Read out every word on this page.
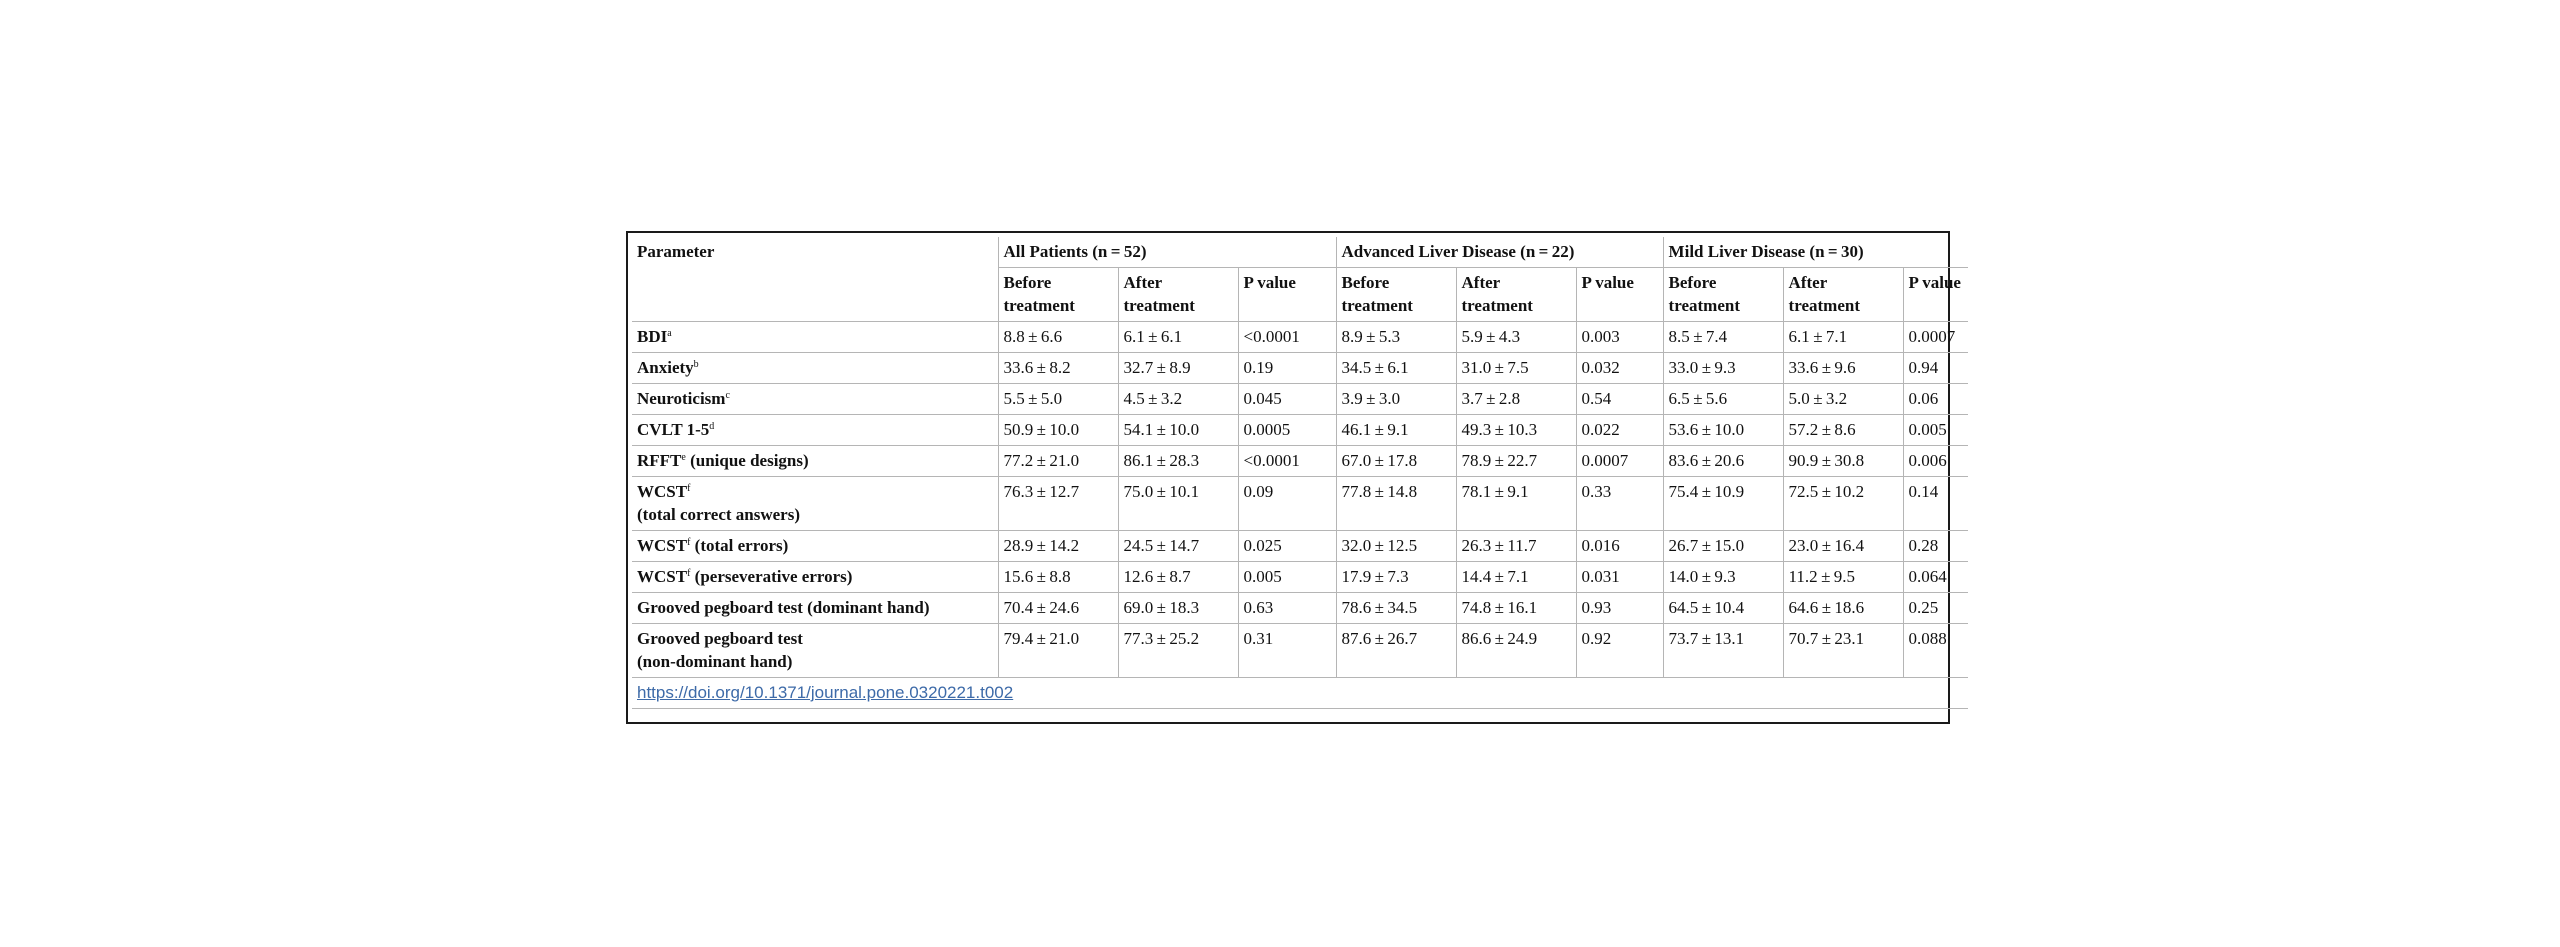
Parameter	All Patients (n = 52)			Advanced Liver Disease (n = 22)			Mild Liver Disease (n = 30)		
	Before treatment	After treatment	P value	Before treatment	After treatment	P value	Before treatment	After treatment	P value
BDI$^a$	8.8 ± 6.6	6.1 ± 6.1	<0.0001	8.9 ± 5.3	5.9 ± 4.3	0.003	8.5 ± 7.4	6.1 ± 7.1	0.0007
Anxiety$^b$	33.6 ± 8.2	32.7 ± 8.9	0.19	34.5 ± 6.1	31.0 ± 7.5	0.032	33.0 ± 9.3	33.6 ± 9.6	0.94
Neuroticism$^c$	5.5 ± 5.0	4.5 ± 3.2	0.045	3.9 ± 3.0	3.7 ± 2.8	0.54	6.5 ± 5.6	5.0 ± 3.2	0.06
CVLT 1-5$^d$	50.9 ± 10.0	54.1 ± 10.0	0.0005	46.1 ± 9.1	49.3 ± 10.3	0.022	53.6 ± 10.0	57.2 ± 8.6	0.005
RFFT$^e$ (unique designs)	77.2 ± 21.0	86.1 ± 28.3	<0.0001	67.0 ± 17.8	78.9 ± 22.7	0.0007	83.6 ± 20.6	90.9 ± 30.8	0.006
WCST$^f$
(total correct answers)	76.3 ± 12.7	75.0 ± 10.1	0.09	77.8 ± 14.8	78.1 ± 9.1	0.33	75.4 ± 10.9	72.5 ± 10.2	0.14
WCST$^f$ (total errors)	28.9 ± 14.2	24.5 ± 14.7	0.025	32.0 ± 12.5	26.3 ± 11.7	0.016	26.7 ± 15.0	23.0 ± 16.4	0.28
WCST$^f$ (perseverative errors)	15.6 ± 8.8	12.6 ± 8.7	0.005	17.9 ± 7.3	14.4 ± 7.1	0.031	14.0 ± 9.3	11.2 ± 9.5	0.064
Grooved pegboard test (dominant hand)	70.4 ± 24.6	69.0 ± 18.3	0.63	78.6 ± 34.5	74.8 ± 16.1	0.93	64.5 ± 10.4	64.6 ± 18.6	0.25
Grooved pegboard test
(non-dominant hand)	79.4 ± 21.0	77.3 ± 25.2	0.31	87.6 ± 26.7	86.6 ± 24.9	0.92	73.7 ± 13.1	70.7 ± 23.1	0.088
https://doi.org/10.1371/journal.pone.0320221.t002									
